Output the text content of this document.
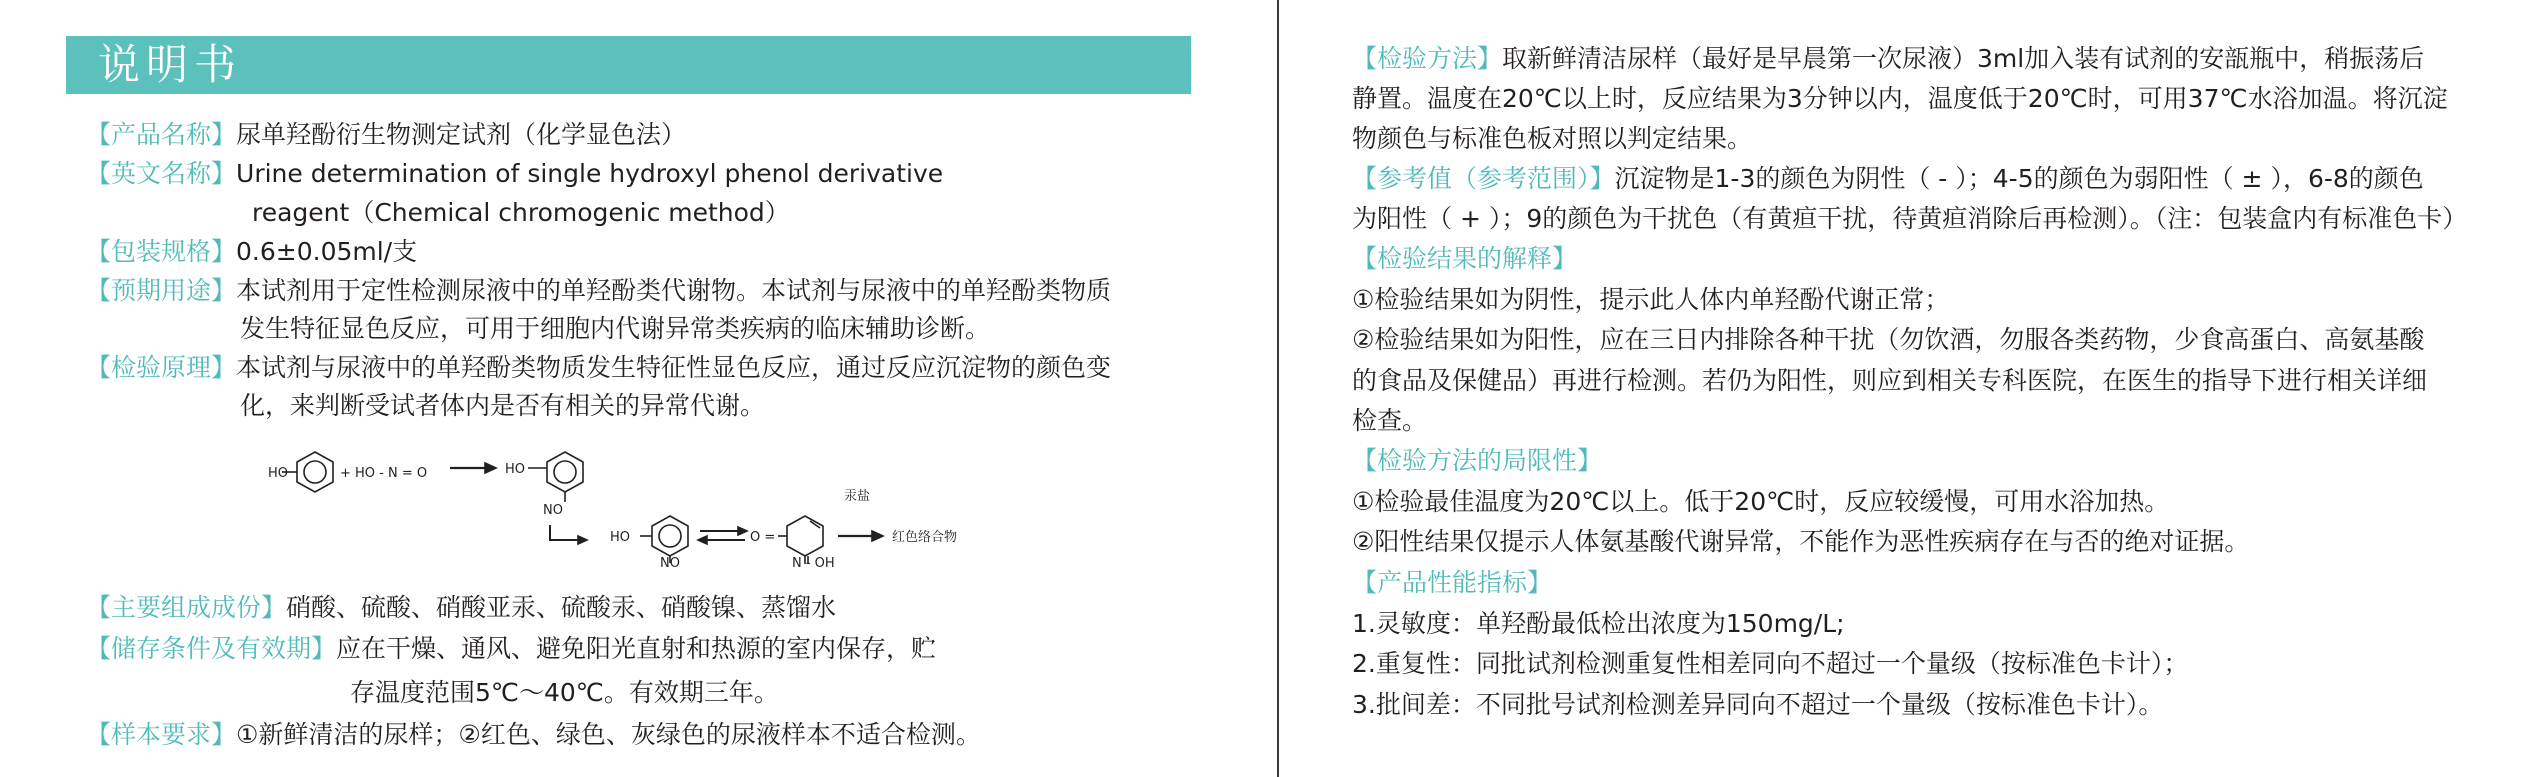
说明书
【产品名称】尿单羟酚衍生物测定试剂（化学显色法）
【英文名称】Urine determination of single hydroxyl phenol derivative
reagent（Chemical chromogenic method）
【包装规格】0.6±0.05ml/支
【预期用途】本试剂用于定性检测尿液中的单羟酚类代谢物。本试剂与尿液中的单羟酚类物质
发生特征显色反应，可用于细胞内代谢异常类疾病的临床辅助诊断。
【检验原理】本试剂与尿液中的单羟酚类物质发生特征性显色反应，通过反应沉淀物的颜色变
化，来判断受试者体内是否有相关的异常代谢。
HO	+ HO - N = O	HO
NO
HO
NO
O =
N - OH
汞盐
红色络合物
【主要组成成份】硝酸、硫酸、硝酸亚汞、硫酸汞、硝酸镍、蒸馏水
【储存条件及有效期】应在干燥、通风、避免阳光直射和热源的室内保存，贮
存温度范围5℃～40℃。有效期三年。
【样本要求】①新鲜清洁的尿样；②红色、绿色、灰绿色的尿液样本不适合检测。
【检验方法】取新鲜清洁尿样（最好是早晨第一次尿液）3ml加入装有试剂的安瓿瓶中，稍振荡后
静置。温度在20℃以上时，反应结果为3分钟以内，温度低于20℃时，可用37℃水浴加温。将沉淀
物颜色与标准色板对照以判定结果。
【参考值（参考范围）】沉淀物是1-3的颜色为阴性（ - ）；4-5的颜色为弱阳性（ ± ），6-8的颜色
为阳性（ + ）；9的颜色为干扰色（有黄疸干扰，待黄疸消除后再检测）。（注：包装盒内有标准色卡）
【检验结果的解释】
①检验结果如为阴性，提示此人体内单羟酚代谢正常；
②检验结果如为阳性，应在三日内排除各种干扰（勿饮酒，勿服各类药物，少食高蛋白、高氨基酸
的食品及保健品）再进行检测。若仍为阳性，则应到相关专科医院，在医生的指导下进行相关详细
检查。
【检验方法的局限性】
①检验最佳温度为20℃以上。低于20℃时，反应较缓慢，可用水浴加热。
②阳性结果仅提示人体氨基酸代谢异常，不能作为恶性疾病存在与否的绝对证据。
【产品性能指标】
1.灵敏度：单羟酚最低检出浓度为150mg/L;
2.重复性：同批试剂检测重复性相差同向不超过一个量级（按标准色卡计）；
3.批间差：不同批号试剂检测差异同向不超过一个量级（按标准色卡计）。
